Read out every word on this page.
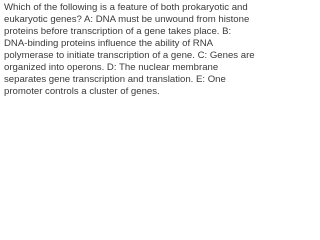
Which of the following is a feature of both prokaryotic and eukaryotic genes? A: DNA must be unwound from histone proteins before transcription of a gene takes place. B: DNA-binding proteins influence the ability of RNA polymerase to initiate transcription of a gene. C: Genes are organized into operons. D: The nuclear membrane separates gene transcription and translation. E: One promoter controls a cluster of genes.
